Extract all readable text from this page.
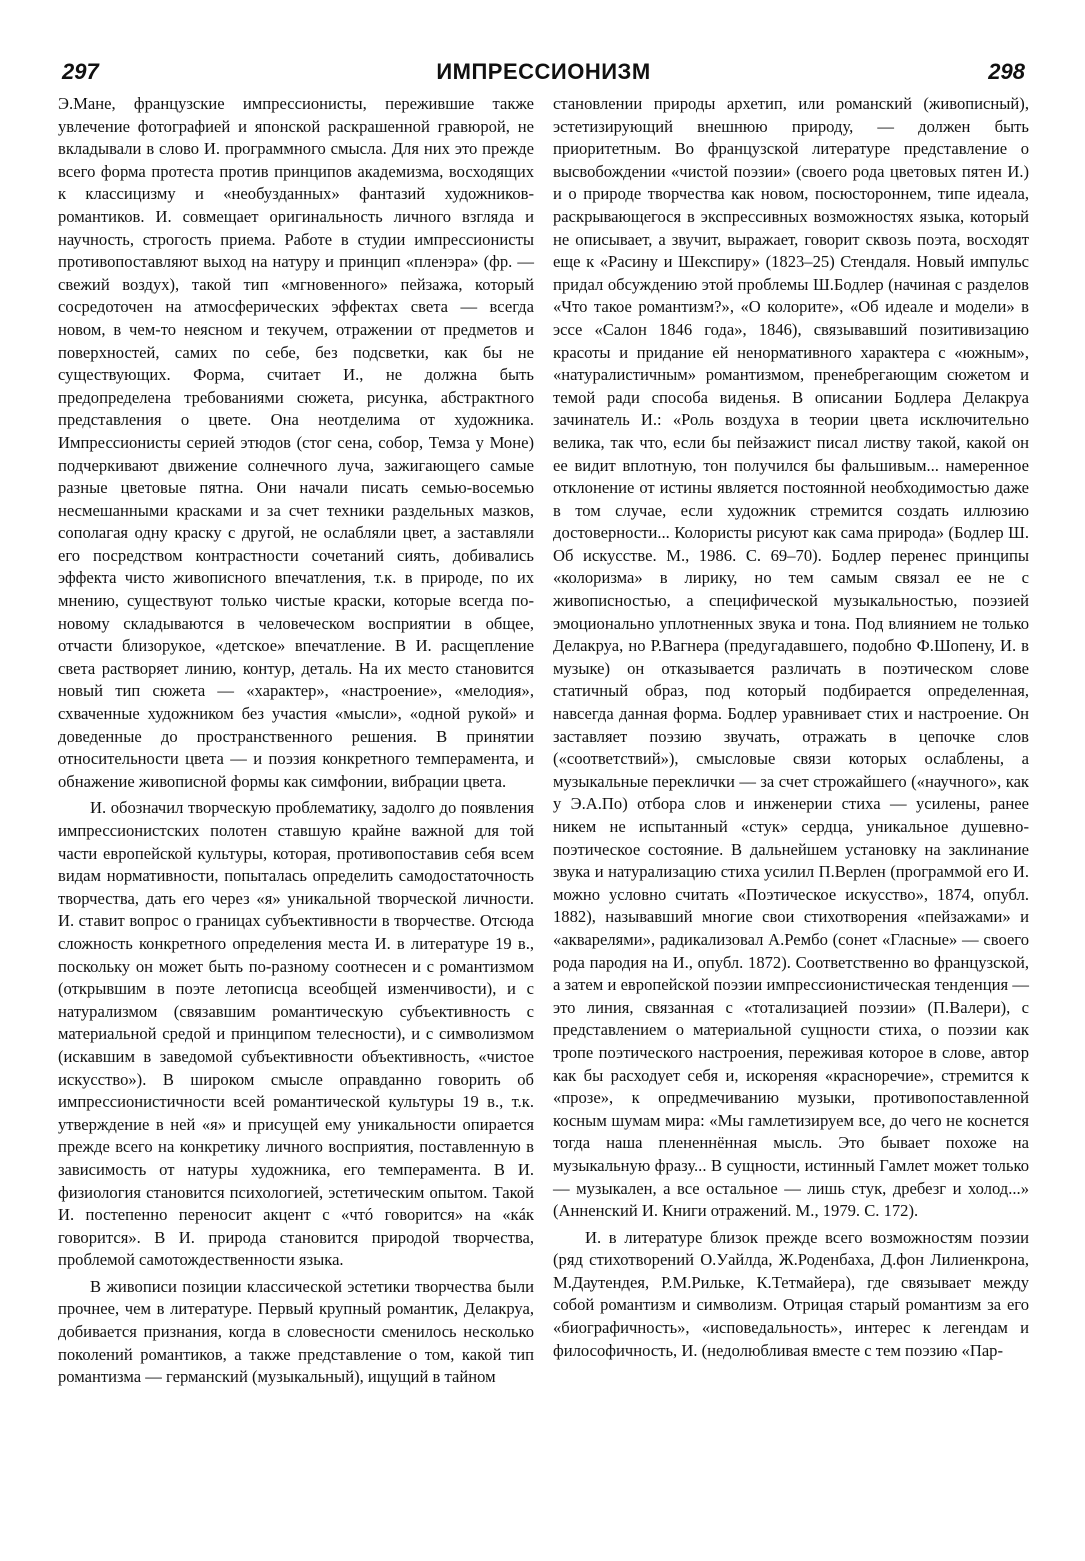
297	ИМПРЕССИОНИЗМ	298

Э.Мане, французские импрессионисты, пережившие также увлечение фотографией и японской раскрашенной гравюрой, не вкладывали в слово И. программного смысла. Для них это прежде всего форма протеста против принципов академизма, восходящих к классицизму и «необузданных» фантазий художников-романтиков. И. совмещает оригинальность личного взгляда и научность, строгость приема. Работе в студии импрессионисты противопоставляют выход на натуру и принцип «пленэра» (фр. — свежий воздух), такой тип «мгновенного» пейзажа, который сосредоточен на атмосферических эффектах света — всегда новом, в чем-то неясном и текучем, отражении от предметов и поверхностей, самих по себе, без подсветки, как бы не существующих. Форма, считает И., не должна быть предопределена требованиями сюжета, рисунка, абстрактного представления о цвете. Она неотделима от художника. Импрессионисты серией этюдов (стог сена, собор, Темза у Моне) подчеркивают движение солнечного луча, зажигающего самые разные цветовые пятна. Они начали писать семью-восемью несмешанными красками и за счет техники раздельных мазков, сополагая одну краску с другой, не ослабляли цвет, а заставляли его посредством контрастности сочетаний сиять, добивались эффекта чисто живописного впечатления, т.к. в природе, по их мнению, существуют только чистые краски, которые всегда по-новому складываются в человеческом восприятии в общее, отчасти близорукое, «детское» впечатление. В И. расщепление света растворяет линию, контур, деталь. На их место становится новый тип сюжета — «характер», «настроение», «мелодия», схваченные художником без участия «мысли», «одной рукой» и доведенные до пространственного решения. В принятии относительности цвета — и поэзия конкретного темперамента, и обнажение живописной формы как симфонии, вибрации цвета.

И. обозначил творческую проблематику, задолго до появления импрессионистских полотен ставшую крайне важной для той части европейской культуры, которая, противопоставив себя всем видам нормативности, попыталась определить самодостаточность творчества, дать его через «я» уникальной творческой личности. И. ставит вопрос о границах субъективности в творчестве. Отсюда сложность конкретного определения места И. в литературе 19 в., поскольку он может быть по-разному соотнесен и с романтизмом (открывшим в поэте летописца всеобщей изменчивости), и с натурализмом (связавшим романтическую субъективность с материальной средой и принципом телесности), и с символизмом (искавшим в заведомой субъективности объективность, «чистое искусство»). В широком смысле оправданно говорить об импрессионистичности всей романтической культуры 19 в., т.к. утверждение в ней «я» и присущей ему уникальности опирается прежде всего на конкретику личного восприятия, поставленную в зависимость от натуры художника, его темперамента. В И. физиология становится психологией, эстетическим опытом. Такой И. постепенно переносит акцент с «чтó говорится» на «кáк говорится». В И. природа становится природой творчества, проблемой самотождественности языка.

В живописи позиции классической эстетики творчества были прочнее, чем в литературе. Первый крупный романтик, Делакруа, добивается признания, когда в словесности сменилось несколько поколений романтиков, а также представление о том, какой тип романтизма — германский (музыкальный), ищущий в тайном

становлении природы архетип, или романский (живописный), эстетизирующий внешнюю природу, — должен быть приоритетным. Во французской литературе представление о высвобождении «чистой поэзии» (своего рода цветовых пятен И.) и о природе творчества как новом, посюстороннем, типе идеала, раскрывающегося в экспрессивных возможностях языка, который не описывает, а звучит, выражает, говорит сквозь поэта, восходят еще к «Расину и Шекспиру» (1823–25) Стендаля. Новый импульс придал обсуждению этой проблемы Ш.Бодлер (начиная с разделов «Что такое романтизм?», «О колорите», «Об идеале и модели» в эссе «Салон 1846 года», 1846), связывавший позитивизацию красоты и придание ей ненормативного характера с «южным», «натуралистичным» романтизмом, пренебрегающим сюжетом и темой ради способа виденья. В описании Бодлера Делакруа зачинатель И.: «Роль воздуха в теории цвета исключительно велика, так что, если бы пейзажист писал листву такой, какой он ее видит вплотную, тон получился бы фальшивым... намеренное отклонение от истины является постоянной необходимостью даже в том случае, если художник стремится создать иллюзию достоверности... Колористы рисуют как сама природа» (Бодлер Ш. Об искусстве. М., 1986. С. 69–70). Бодлер перенес принципы «колоризма» в лирику, но тем самым связал ее не с живописностью, а специфической музыкальностью, поэзией эмоционально уплотненных звука и тона. Под влиянием не только Делакруа, но Р.Вагнера (предугадавшего, подобно Ф.Шопену, И. в музыке) он отказывается различать в поэтическом слове статичный образ, под который подбирается определенная, навсегда данная форма. Бодлер уравнивает стих и настроение. Он заставляет поэзию звучать, отражать в цепочке слов («соответствий»), смысловые связи которых ослаблены, а музыкальные переклички — за счет строжайшего («научного», как у Э.А.По) отбора слов и инженерии стиха — усилены, ранее никем не испытанный «стук» сердца, уникальное душевно-поэтическое состояние. В дальнейшем установку на заклинание звука и натурализацию стиха усилил П.Верлен (программой его И. можно условно считать «Поэтическое искусство», 1874, опубл. 1882), называвший многие свои стихотворения «пейзажами» и «акварелями», радикализовал А.Рембо (сонет «Гласные» — своего рода пародия на И., опубл. 1872). Соответственно во французской, а затем и европейской поэзии импрессионистическая тенденция — это линия, связанная с «тотализацией поэзии» (П.Валери), с представлением о материальной сущности стиха, о поэзии как тропе поэтического настроения, переживая которое в слове, автор как бы расходует себя и, искореняя «красноречие», стремится к «прозе», к опредмечиванию музыки, противопоставленной косным шумам мира: «Мы гамлетизируем все, до чего не коснется тогда наша плененнённая мысль. Это бывает похоже на музыкальную фразу... В сущности, истинный Гамлет может только — музыкален, а все остальное — лишь стук, дребезг и холод...» (Анненский И. Книги отражений. М., 1979. С. 172).

И. в литературе близок прежде всего возможностям поэзии (ряд стихотворений О.Уайлда, Ж.Роденбаха, Д.фон Лилиенкрона, М.Даутендея, Р.М.Рильке, К.Тетмайера), где связывает между собой романтизм и символизм. Отрицая старый романтизм за его «биографичность», «исповедальность», интерес к легендам и философичность, И. (недолюбливая вместе с тем поэзию «Пар-
